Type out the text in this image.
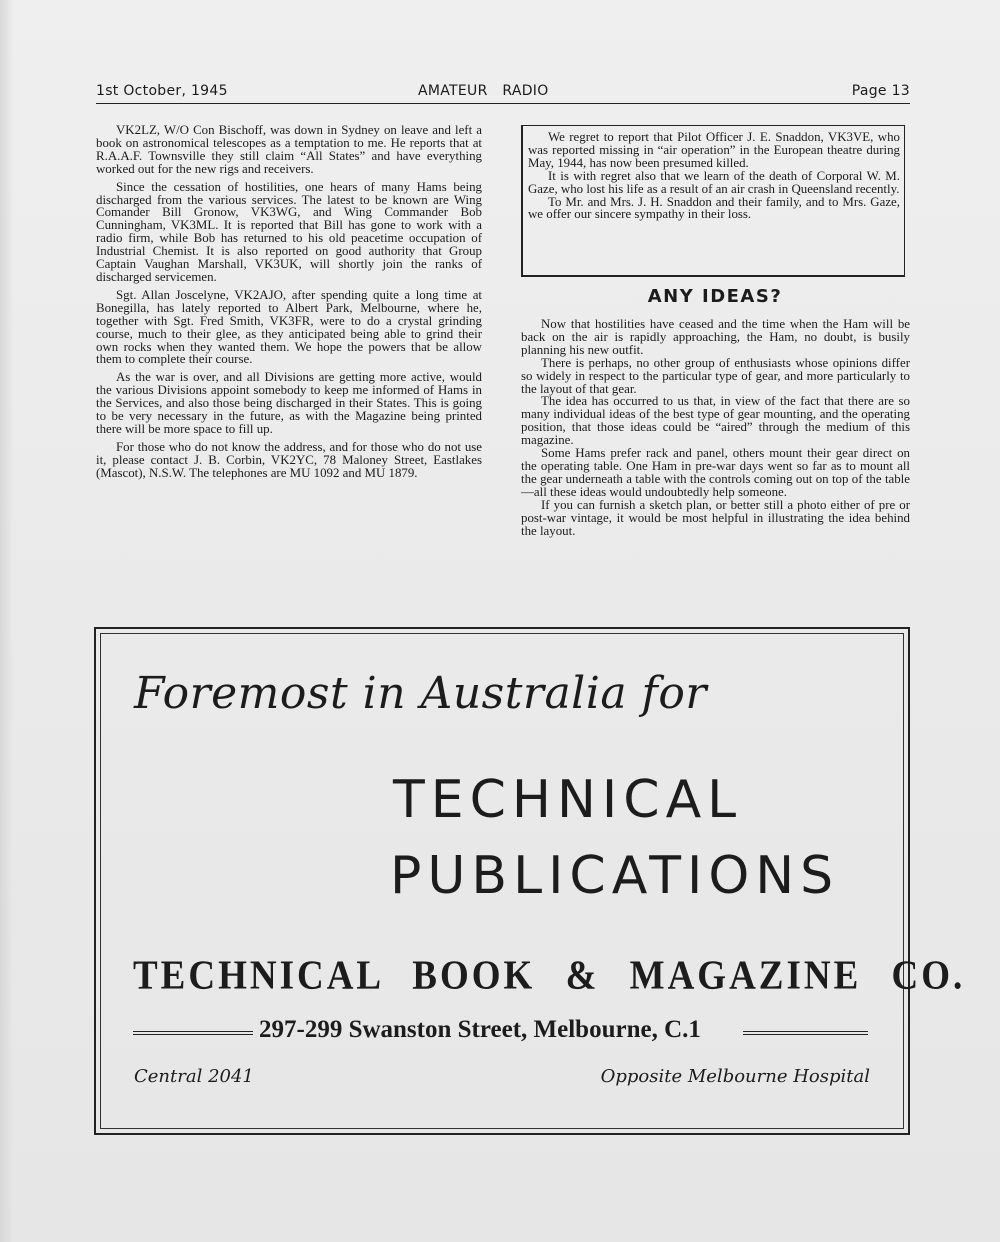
1st October, 1945	AMATEUR RADIO	Page 13

VK2LZ, W/O Con Bischoff, was down in Sydney on leave and left a book on astronomical telescopes as a temptation to me. He reports that at R.A.A.F. Townsville they still claim “All States” and have everything worked out for the new rigs and receivers.

Since the cessation of hostilities, one hears of many Hams being discharged from the various services. The latest to be known are Wing Comander Bill Gronow, VK3WG, and Wing Commander Bob Cunningham, VK3ML. It is reported that Bill has gone to work with a radio firm, while Bob has returned to his old peacetime occupation of Industrial Chemist. It is also reported on good authority that Group Captain Vaughan Marshall, VK3UK, will shortly join the ranks of discharged servicemen.

Sgt. Allan Joscelyne, VK2AJO, after spending quite a long time at Bonegilla, has lately reported to Albert Park, Melbourne, where he, together with Sgt. Fred Smith, VK3FR, were to do a crystal grinding course, much to their glee, as they anticipated being able to grind their own rocks when they wanted them. We hope the powers that be allow them to complete their course.

As the war is over, and all Divisions are getting more active, would the various Divisions appoint somebody to keep me informed of Hams in the Services, and also those being discharged in their States. This is going to be very necessary in the future, as with the Magazine being printed there will be more space to fill up.

For those who do not know the address, and for those who do not use it, please contact J. B. Corbin, VK2YC, 78 Maloney Street, Eastlakes (Mascot), N.S.W. The telephones are MU 1092 and MU 1879.

We regret to report that Pilot Officer J. E. Snaddon, VK3VE, who was reported missing in “air operation” in the European theatre during May, 1944, has now been presumed killed.

It is with regret also that we learn of the death of Corporal W. M. Gaze, who lost his life as a result of an air crash in Queensland recently.

To Mr. and Mrs. J. H. Snaddon and their family, and to Mrs. Gaze, we offer our sincere sympathy in their loss.

ANY IDEAS?

Now that hostilities have ceased and the time when the Ham will be back on the air is rapidly approaching, the Ham, no doubt, is busily planning his new outfit.

There is perhaps, no other group of enthusiasts whose opinions differ so widely in respect to the particular type of gear, and more particularly to the layout of that gear.

The idea has occurred to us that, in view of the fact that there are so many individual ideas of the best type of gear mounting, and the operating position, that those ideas could be “aired” through the medium of this magazine.

Some Hams prefer rack and panel, others mount their gear direct on the operating table. One Ham in pre-war days went so far as to mount all the gear underneath a table with the controls coming out on top of the table—all these ideas would undoubtedly help someone.

If you can furnish a sketch plan, or better still a photo either of pre or post-war vintage, it would be most helpful in illustrating the idea behind the layout.

Foremost in Australia for
TECHNICAL
PUBLICATIONS
TECHNICAL BOOK & MAGAZINE CO.
297-299 Swanston Street, Melbourne, C.1
Central 2041	Opposite Melbourne Hospital
